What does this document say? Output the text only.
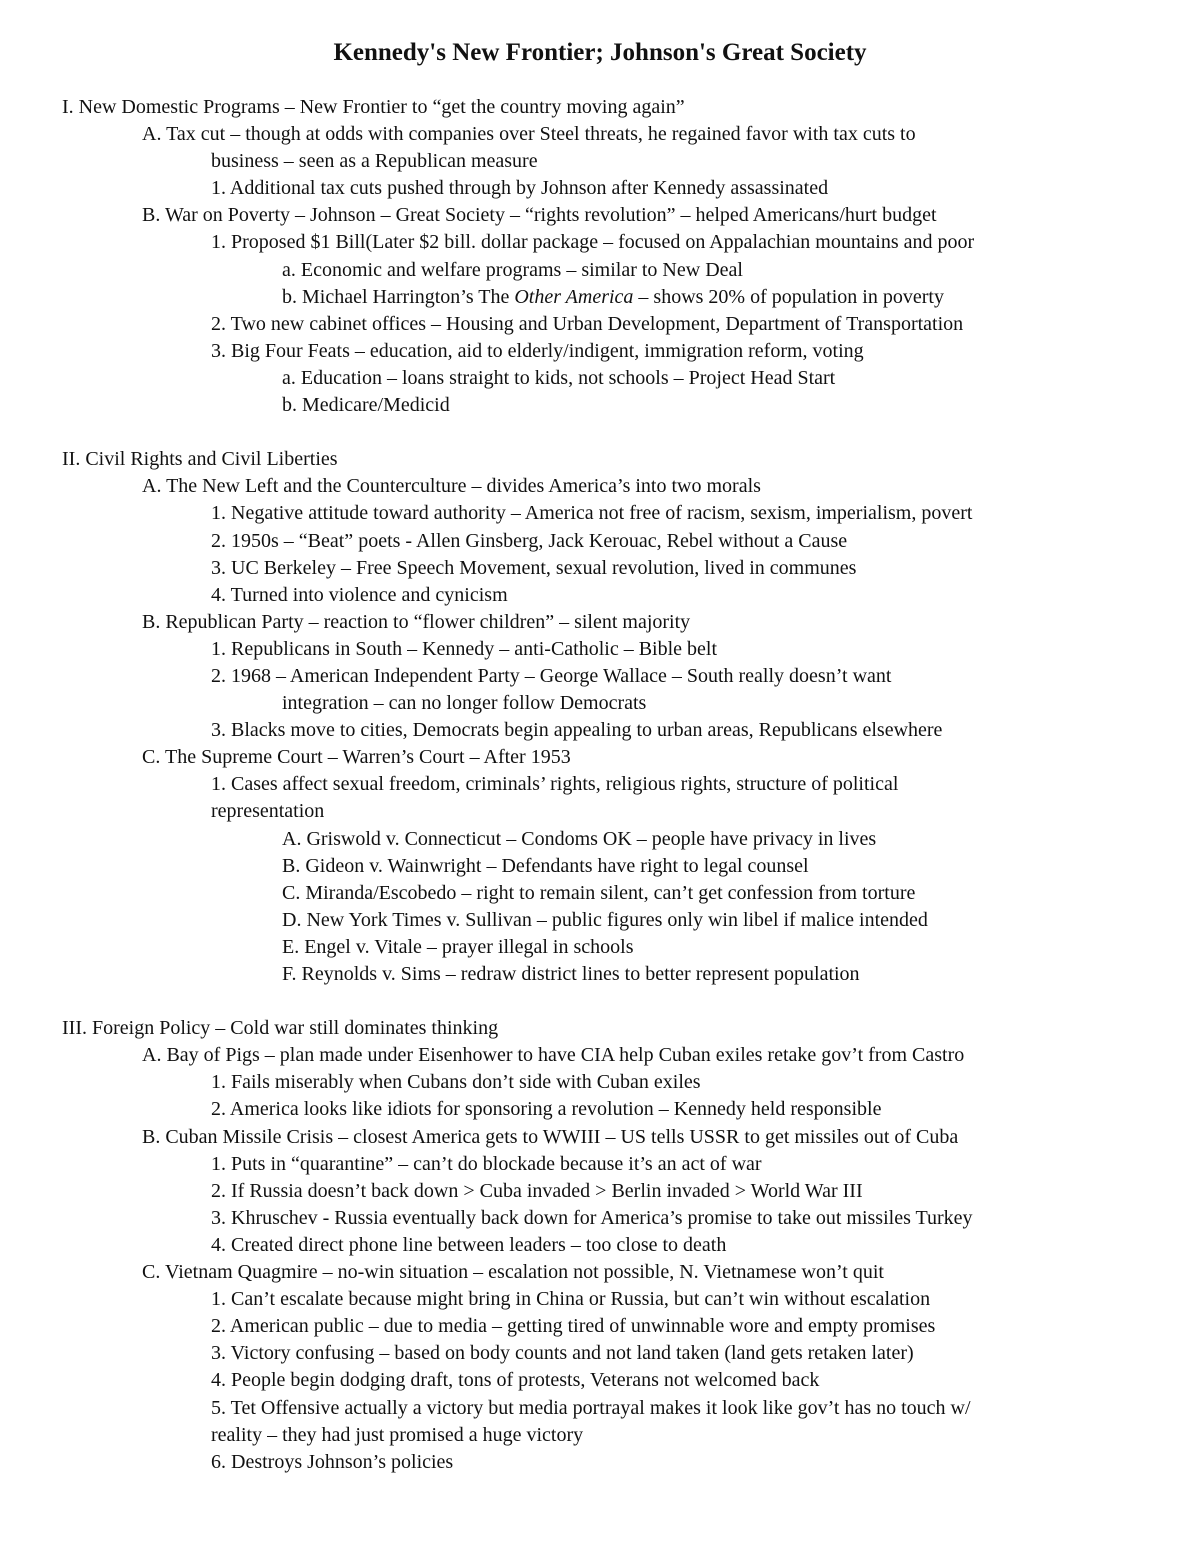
Kennedy's New Frontier; Johnson's Great Society
I. New Domestic Programs – New Frontier to “get the country moving again”
A. Tax cut – though at odds with companies over Steel threats, he regained favor with tax cuts to
business – seen as a Republican measure
1. Additional tax cuts pushed through by Johnson after Kennedy assassinated
B. War on Poverty – Johnson – Great Society – “rights revolution” – helped Americans/hurt budget
1. Proposed $1 Bill(Later $2 bill. dollar package – focused on Appalachian mountains and poor
a. Economic and welfare programs – similar to New Deal
b. Michael Harrington’s The Other America – shows 20% of population in poverty
2. Two new cabinet offices – Housing and Urban Development, Department of Transportation
3. Big Four Feats – education, aid to elderly/indigent, immigration reform, voting
a. Education – loans straight to kids, not schools – Project Head Start
b. Medicare/Medicid
II. Civil Rights and Civil Liberties
A. The New Left and the Counterculture – divides America’s into two morals
1. Negative attitude toward authority – America not free of racism, sexism, imperialism, povert
2. 1950s – “Beat” poets - Allen Ginsberg, Jack Kerouac, Rebel without a Cause
3. UC Berkeley – Free Speech Movement, sexual revolution, lived in communes
4. Turned into violence and cynicism
B. Republican Party – reaction to “flower children” – silent majority
1. Republicans in South – Kennedy – anti-Catholic – Bible belt
2. 1968 – American Independent Party – George Wallace – South really doesn’t want
integration – can no longer follow Democrats
3. Blacks move to cities, Democrats begin appealing to urban areas, Republicans elsewhere
C. The Supreme Court – Warren’s Court – After 1953
1. Cases affect sexual freedom, criminals’ rights, religious rights, structure of political
representation
A. Griswold v. Connecticut – Condoms OK – people have privacy in lives
B. Gideon v. Wainwright – Defendants have right to legal counsel
C. Miranda/Escobedo – right to remain silent, can’t get confession from torture
D. New York Times v. Sullivan – public figures only win libel if malice intended
E. Engel v. Vitale – prayer illegal in schools
F. Reynolds v. Sims – redraw district lines to better represent population
III. Foreign Policy – Cold war still dominates thinking
A. Bay of Pigs – plan made under Eisenhower to have CIA help Cuban exiles retake gov’t from Castro
1. Fails miserably when Cubans don’t side with Cuban exiles
2. America looks like idiots for sponsoring a revolution – Kennedy held responsible
B. Cuban Missile Crisis – closest America gets to WWIII – US tells USSR to get missiles out of Cuba
1. Puts in “quarantine” – can’t do blockade because it’s an act of war
2. If Russia doesn’t back down > Cuba invaded > Berlin invaded > World War III
3. Khruschev - Russia eventually back down for America’s promise to take out missiles Turkey
4. Created direct phone line between leaders – too close to death
C. Vietnam Quagmire – no-win situation – escalation not possible, N. Vietnamese won’t quit
1. Can’t escalate because might bring in China or Russia, but can’t win without escalation
2. American public – due to media – getting tired of unwinnable wore and empty promises
3. Victory confusing – based on body counts and not land taken (land gets retaken later)
4. People begin dodging draft, tons of protests, Veterans not welcomed back
5. Tet Offensive actually a victory but media portrayal makes it look like gov’t has no touch w/
reality – they had just promised a huge victory
6. Destroys Johnson’s policies
